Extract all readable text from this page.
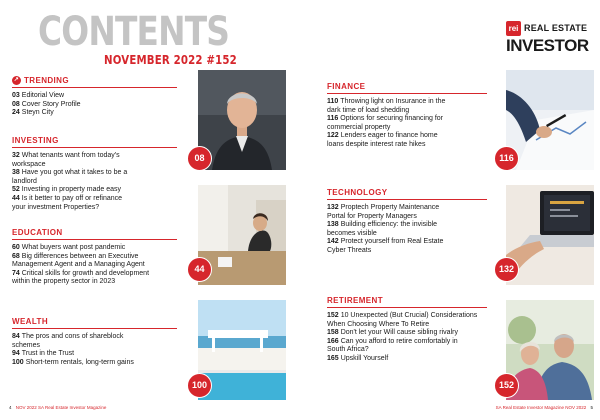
CONTENTS
NOVEMBER 2022 #152
rei REAL ESTATE
INVESTOR
↗ TRENDING
03 Editorial View
08 Cover Story Profile
24 Steyn City
INVESTING
32 What tenants want from today's
workspace
38 Have you got what it takes to be a
landlord
52 Investing in property made easy
44 Is it better to pay off or refinance
your investment Properties?
EDUCATION
60 What buyers want post pandemic
68 Big differences between an Executive
Management Agent and a Managing Agent
74 Critical skills for growth and development
within the property sector in 2023
WEALTH
84 The pros and cons of shareblock
schemes
94 Trust in the Trust
100 Short-term rentals, long-term gains
FINANCE
110 Throwing light on Insurance in the
dark time of load shedding
116 Options for securing financing for
commercial property
122 Lenders eager to finance home
loans despite interest rate hikes
TECHNOLOGY
132 Proptech Property Maintenance
Portal for Property Managers
138 Building efficiency: the invisible
becomes visible
142 Protect yourself from Real Estate
Cyber Threats
RETIREMENT
152 10 Unexpected (But Crucial) Considerations
When Choosing Where To Retire
158 Don't let your Will cause sibling rivalry
166 Can you afford to retire comfortably in
South Africa?
165 Upskill Yourself
08
44
100
116
132
152
4 NOV 2022 SA Real Estate Investor Magazine	SA Real Estate Investor Magazine NOV 2022 5
